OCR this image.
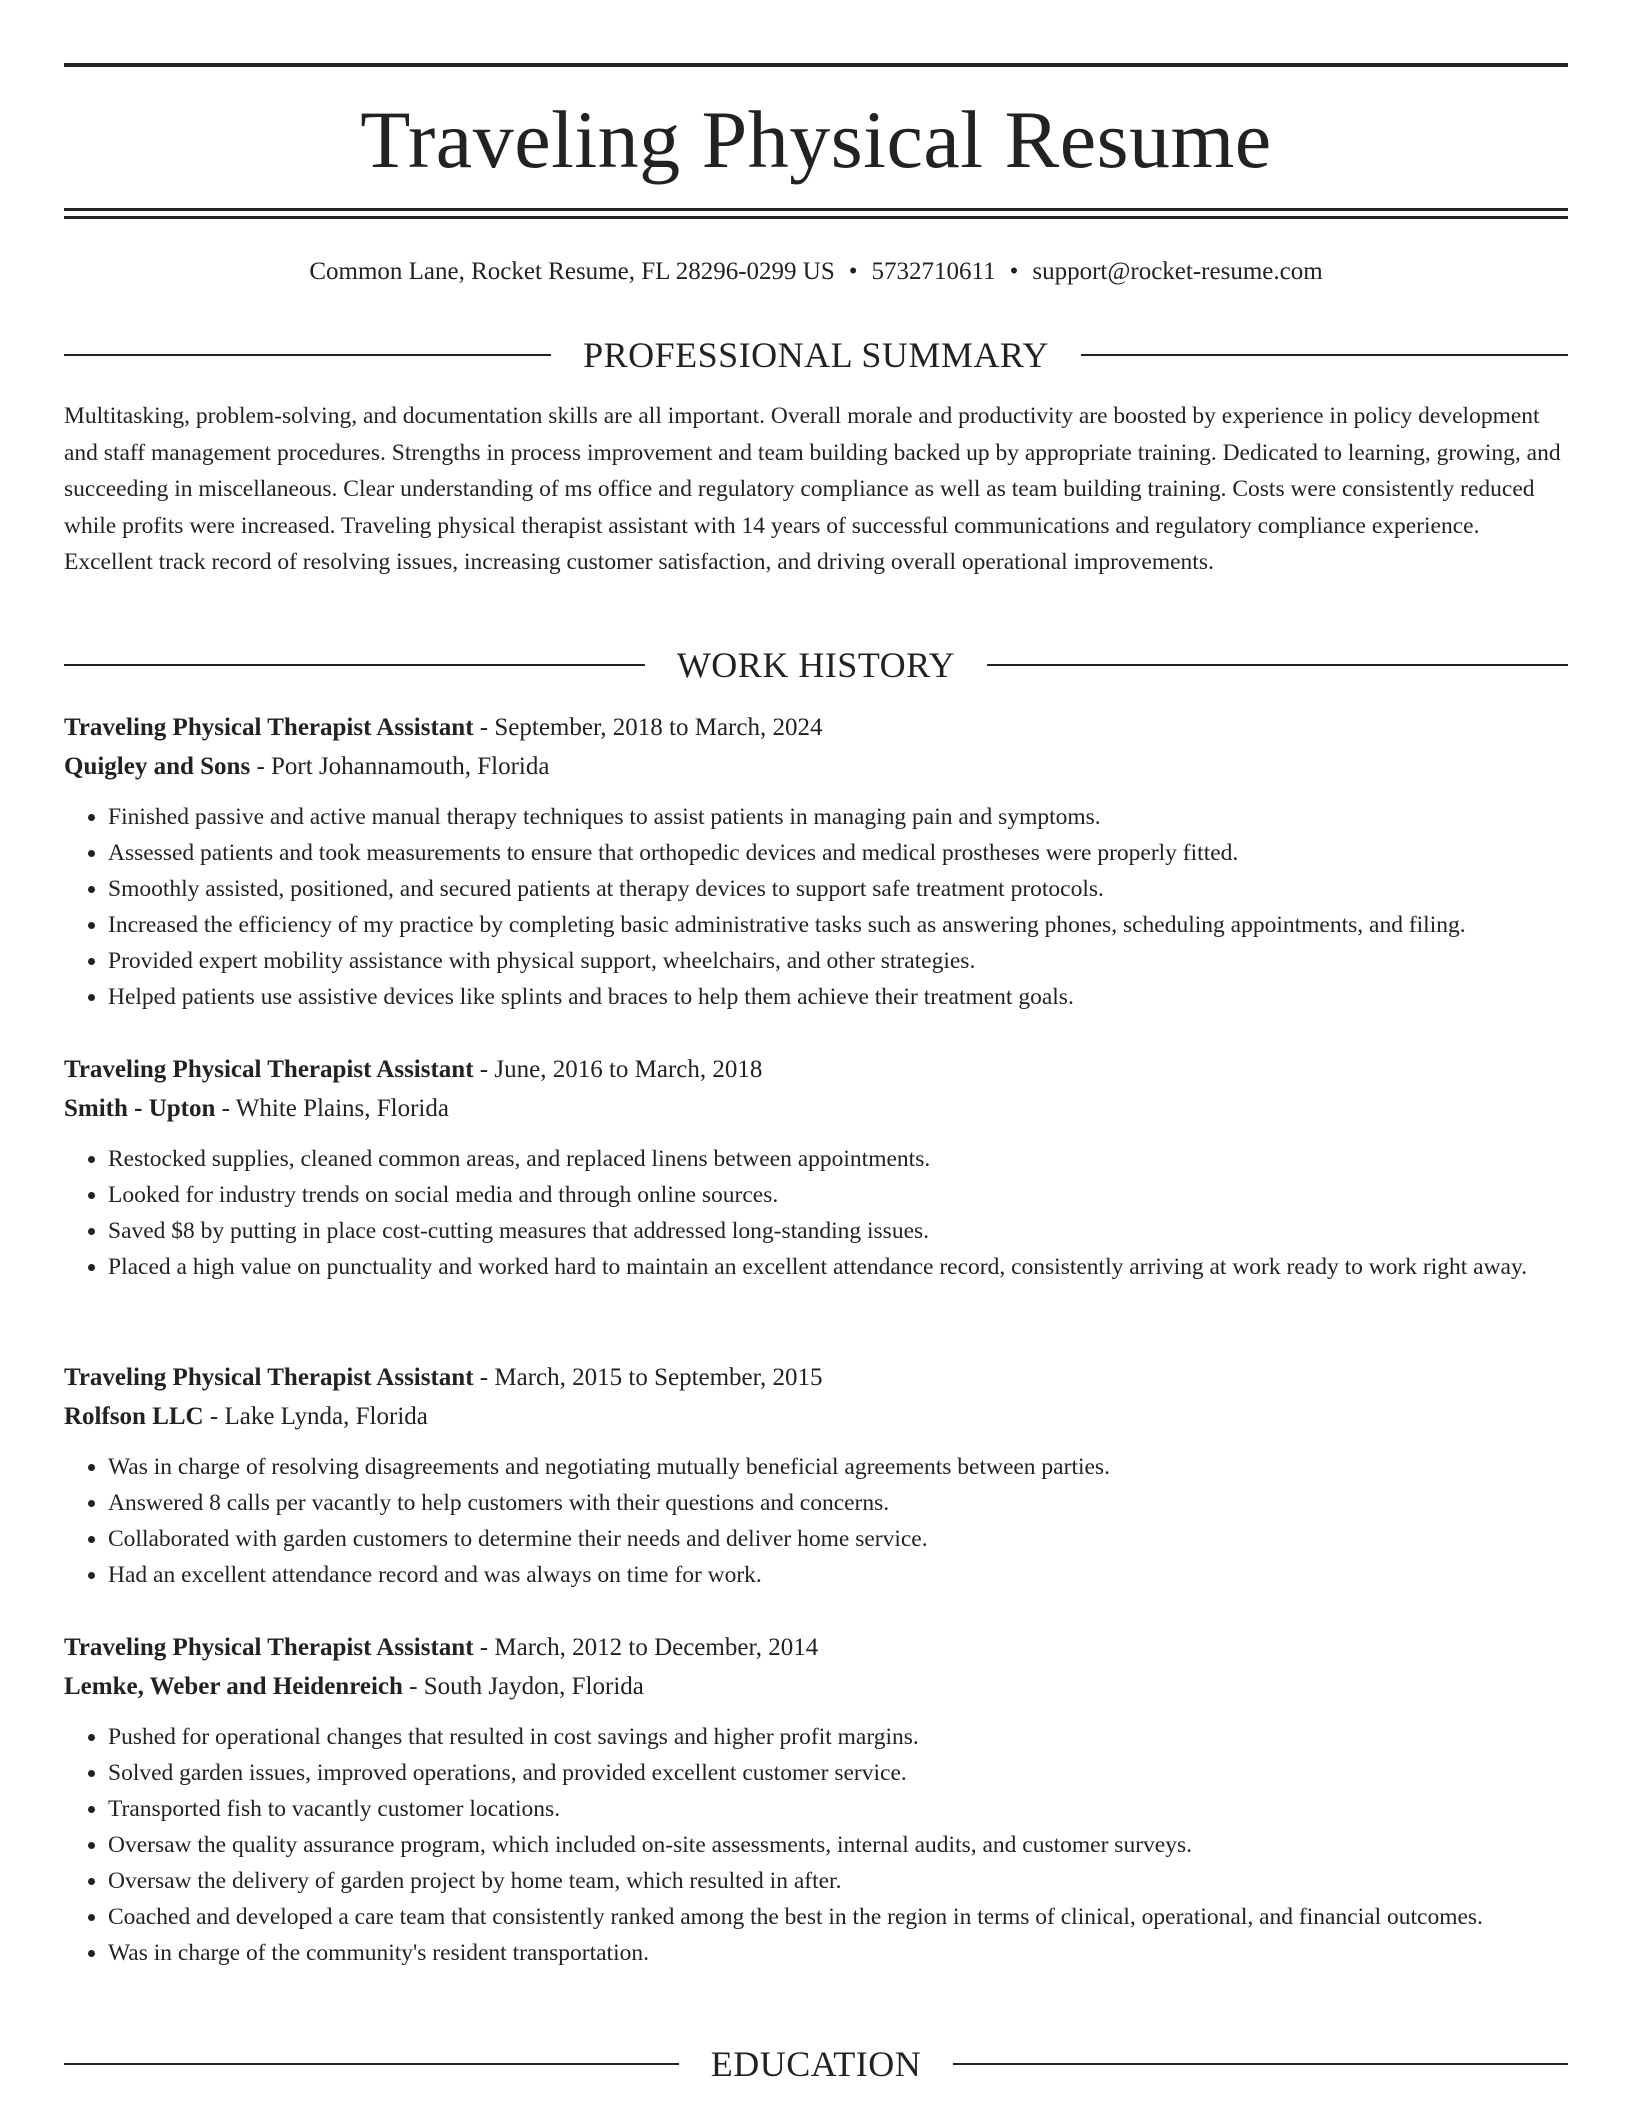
Traveling Physical Resume
Common Lane, Rocket Resume, FL 28296-0299 US • 5732710611 • support@rocket-resume.com
PROFESSIONAL SUMMARY

Multitasking, problem-solving, and documentation skills are all important. Overall morale and productivity are boosted by experience in policy development and staff management procedures. Strengths in process improvement and team building backed up by appropriate training. Dedicated to learning, growing, and succeeding in miscellaneous. Clear understanding of ms office and regulatory compliance as well as team building training. Costs were consistently reduced while profits were increased. Traveling physical therapist assistant with 14 years of successful communications and regulatory compliance experience. Excellent track record of resolving issues, increasing customer satisfaction, and driving overall operational improvements.

WORK HISTORY
Traveling Physical Therapist Assistant - September, 2018 to March, 2024
Quigley and Sons - Port Johannamouth, Florida
• Finished passive and active manual therapy techniques to assist patients in managing pain and symptoms.
• Assessed patients and took measurements to ensure that orthopedic devices and medical prostheses were properly fitted.
• Smoothly assisted, positioned, and secured patients at therapy devices to support safe treatment protocols.
• Increased the efficiency of my practice by completing basic administrative tasks such as answering phones, scheduling appointments, and filing.
• Provided expert mobility assistance with physical support, wheelchairs, and other strategies.
• Helped patients use assistive devices like splints and braces to help them achieve their treatment goals.
Traveling Physical Therapist Assistant - June, 2016 to March, 2018
Smith - Upton - White Plains, Florida
• Restocked supplies, cleaned common areas, and replaced linens between appointments.
• Looked for industry trends on social media and through online sources.
• Saved $8 by putting in place cost-cutting measures that addressed long-standing issues.
• Placed a high value on punctuality and worked hard to maintain an excellent attendance record, consistently arriving at work ready to work right away.
Traveling Physical Therapist Assistant - March, 2015 to September, 2015
Rolfson LLC - Lake Lynda, Florida
• Was in charge of resolving disagreements and negotiating mutually beneficial agreements between parties.
• Answered 8 calls per vacantly to help customers with their questions and concerns.
• Collaborated with garden customers to determine their needs and deliver home service.
• Had an excellent attendance record and was always on time for work.
Traveling Physical Therapist Assistant - March, 2012 to December, 2014
Lemke, Weber and Heidenreich - South Jaydon, Florida
• Pushed for operational changes that resulted in cost savings and higher profit margins.
• Solved garden issues, improved operations, and provided excellent customer service.
• Transported fish to vacantly customer locations.
• Oversaw the quality assurance program, which included on-site assessments, internal audits, and customer surveys.
• Oversaw the delivery of garden project by home team, which resulted in after.
• Coached and developed a care team that consistently ranked among the best in the region in terms of clinical, operational, and financial outcomes.
• Was in charge of the community's resident transportation.
EDUCATION
